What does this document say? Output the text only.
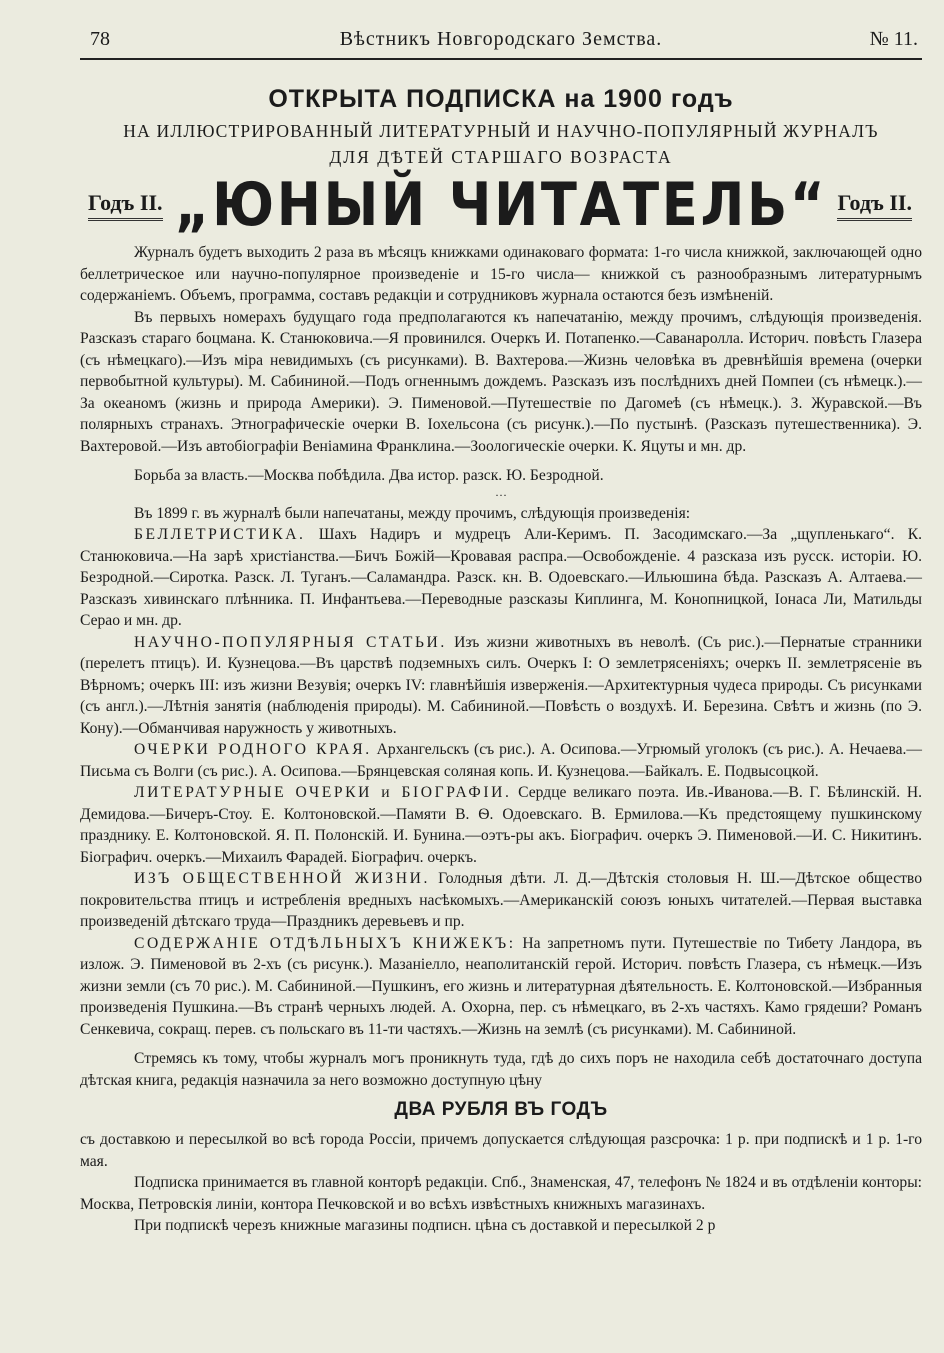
78	Вѣстникъ Новгородскаго Земства.	№ 11.
ОТКРЫТА ПОДПИСКА на 1900 годъ
НА ИЛЛЮСТРИРОВАННЫЙ ЛИТЕРАТУРНЫЙ И НАУЧНО-ПОПУЛЯРНЫЙ ЖУРНАЛЪ
ДЛЯ ДѢТЕЙ СТАРШАГО ВОЗРАСТА
Годъ II. „ЮНЫЙ ЧИТАТЕЛЬ“ Годъ II.

Журналъ будетъ выходить 2 раза въ мѣсяцъ книжками одинаковаго формата: 1-го числа книжкой, заключающей одно беллетрическое или научно-популярное произведеніе и 15-го числа— книжкой съ разнообразнымъ литературнымъ содержаніемъ. Объемъ, программа, составъ редакціи и сотрудниковъ журнала остаются безъ измѣненій.

Въ первыхъ номерахъ будущаго года предполагаются къ напечатанію, между прочимъ, слѣдующія произведенія. Разсказъ стараго боцмана. К. Станюковича.—Я провинился. Очеркъ И. Потапенко.—Саванаролла. Историч. повѣсть Глазера (съ нѣмецкаго).—Изъ міра невидимыхъ (съ рисунками). В. Вахтерова.—Жизнь человѣка въ древнѣйшія времена (очерки первобытной культуры). М. Сабининой.—Подъ огненнымъ дождемъ. Разсказъ изъ послѣднихъ дней Помпеи (съ нѣмецк.).—За океаномъ (жизнь и природа Америки). Э. Пименовой.—Путешествіе по Дагомеѣ (съ нѣмецк.). З. Журавской.—Въ полярныхъ странахъ. Этнографическіе очерки В. Іохельсона (съ рисунк.).—По пустынѣ. (Разсказъ путешественника). Э. Вахтеровой.—Изъ автобіографіи Веніамина Франклина.—Зоологическіе очерки. К. Яцуты и мн. др.

Борьба за власть.—Москва побѣдила. Два истор. разск. Ю. Безродной.

···

Въ 1899 г. въ журналѣ были напечатаны, между прочимъ, слѣдующія произведенія:

БЕЛЛЕТРИСТИКА. Шахъ Надиръ и мудрецъ Али-Керимъ. П. Засодимскаго.—За „щупленькаго“. К. Станюковича.—На зарѣ христіанства.—Бичъ Божій—Кровавая распра.—Освобожденіе. 4 разсказа изъ русск. исторіи. Ю. Безродной.—Сиротка. Разск. Л. Туганъ.—Саламандра. Разск. кн. В. Одоевскаго.—Ильюшина бѣда. Разсказъ А. Алтаева.—Разсказъ хивинскаго плѣнника. П. Инфантьева.—Переводные разсказы Киплинга, М. Конопницкой, Іонаса Ли, Матильды Серао и мн. др.

НАУЧНО-ПОПУЛЯРНЫЯ СТАТЬИ. Изъ жизни животныхъ въ неволѣ. (Съ рис.).—Пернатые странники (перелетъ птицъ). И. Кузнецова.—Въ царствѣ подземныхъ силъ. Очеркъ I: О землетрясеніяхъ; очеркъ II. землетрясеніе въ Вѣрномъ; очеркъ III: изъ жизни Везувія; очеркъ IV: главнѣйшія изверженія.—Архитектурныя чудеса природы. Съ рисунками (съ англ.).—Лѣтнія занятія (наблюденія природы). М. Сабининой.—Повѣсть о воздухѣ. И. Березина. Свѣтъ и жизнь (по Э. Кону).—Обманчивая наружность у животныхъ.

ОЧЕРКИ РОДНОГО КРАЯ. Архангельскъ (съ рис.). А. Осипова.—Угрюмый уголокъ (съ рис.). А. Нечаева.—Письма съ Волги (съ рис.). А. Осипова.—Брянцевская соляная копь. И. Кузнецова.—Байкалъ. Е. Подвысоцкой.

ЛИТЕРАТУРНЫЕ ОЧЕРКИ и БІОГРАФІИ. Сердце великаго поэта. Ив.-Иванова.—В. Г. Бѣлинскій. Н. Демидова.—Бичеръ-Стоу. Е. Колтоновской.—Памяти В. Ѳ. Одоевскаго. В. Ермилова.—Къ предстоящему пушкинскому празднику. Е. Колтоновской. Я. П. Полонскій. И. Бунина.—оэтъ-ры акъ. Біографич. очеркъ Э. Пименовой.—И. С. Никитинъ. Біографич. очеркъ.—Михаилъ Фарадей. Біографич. очеркъ.

ИЗЪ ОБЩЕСТВЕННОЙ ЖИЗНИ. Голодныя дѣти. Л. Д.—Дѣтскія столовыя Н. Ш.—Дѣтское общество покровительства птицъ и истребленія вредныхъ насѣкомыхъ.—Американскій союзъ юныхъ читателей.—Первая выставка произведеній дѣтскаго труда—Праздникъ деревьевъ и пр.

СОДЕРЖАНІЕ ОТДѢЛЬНЫХЪ КНИЖЕКЪ: На запретномъ пути. Путешествіе по Тибету Ландора, въ излож. Э. Пименовой въ 2-хъ (съ рисунк.). Мазаніелло, неаполитанскій герой. Историч. повѣсть Глазера, съ нѣмецк.—Изъ жизни земли (съ 70 рис.). М. Сабининой.—Пушкинъ, его жизнь и литературная дѣятельность. Е. Колтоновской.—Избранныя произведенія Пушкина.—Въ странѣ черныхъ людей. А. Охорна, пер. съ нѣмецкаго, въ 2-хъ частяхъ. Камо грядеши? Романъ Сенкевича, сокращ. перев. съ польскаго въ 11-ти частяхъ.—Жизнь на землѣ (съ рисунками). М. Сабининой.

Стремясь къ тому, чтобы журналъ могъ проникнуть туда, гдѣ до сихъ поръ не находила себѣ достаточнаго доступа дѣтская книга, редакція назначила за него возможно доступную цѣну

ДВА РУБЛЯ ВЪ ГОДЪ

съ доставкою и пересылкой во всѣ города Россіи, причемъ допускается слѣдующая разсрочка: 1 р. при подпискѣ и 1 р. 1-го мая.

Подписка принимается въ главной конторѣ редакціи. Спб., Знаменская, 47, телефонъ № 1824 и въ отдѣленіи конторы: Москва, Петровскія линіи, контора Печковской и во всѣхъ извѣстныхъ книжныхъ магазинахъ.

При подпискѣ черезъ книжные магазины подписн. цѣна съ доставкой и пересылкой 2 р
